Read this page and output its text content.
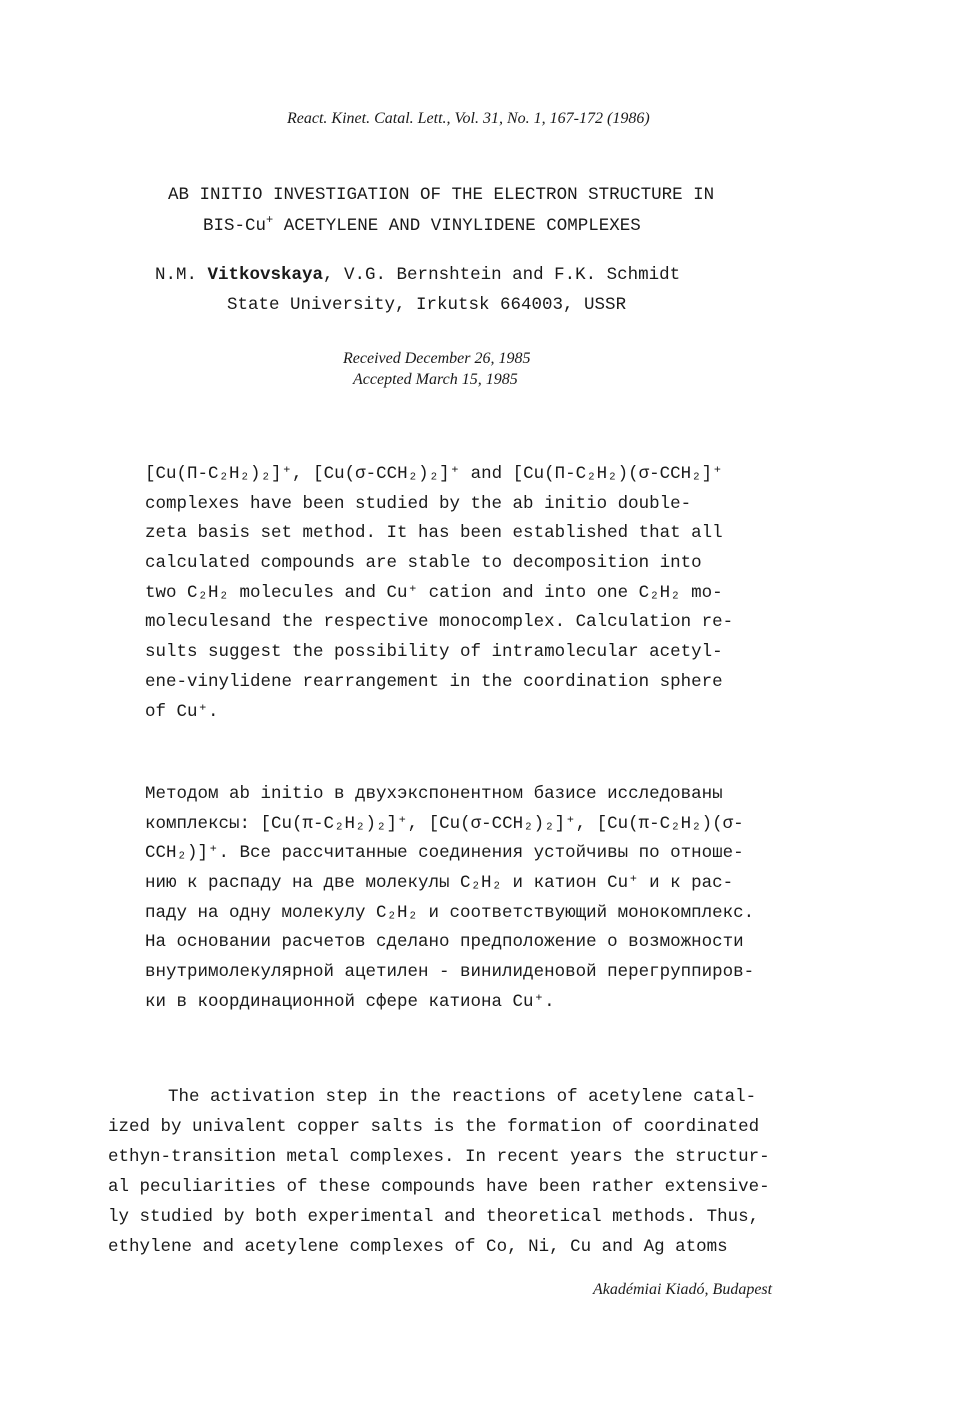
React. Kinet. Catal. Lett., Vol. 31, No. 1, 167-172 (1986)
AB INITIO INVESTIGATION OF THE ELECTRON STRUCTURE IN
BIS-Cu+ ACETYLENE AND VINYLIDENE COMPLEXES
N.M. Vitkovskaya, V.G. Bernshtein and F.K. Schmidt
State University, Irkutsk 664003, USSR
Received December 26, 1985
Accepted March 15, 1985
[Cu(Π-C₂H₂)₂]⁺, [Cu(σ-CCH₂)₂]⁺ and [Cu(Π-C₂H₂)(σ-CCH₂]⁺
complexes have been studied by the ab initio double-
zeta basis set method. It has been established that all
calculated compounds are stable to decomposition into
two C₂H₂ molecules and Cu⁺ cation and into one C₂H₂ mo-
moleculesand the respective monocomplex. Calculation re-
sults suggest the possibility of intramolecular acetyl-
ene-vinylidene rearrangement in the coordination sphere
of Cu⁺.
Методом ab initio в двухэкспонентном базисе исследованы
комплексы: [Cu(π-C₂H₂)₂]⁺, [Cu(σ-CCH₂)₂]⁺, [Cu(π-C₂H₂)(σ-
CCH₂)]⁺. Все рассчитанные соединения устойчивы по отноше-
нию к распаду на две молекулы C₂H₂ и катион Cu⁺ и к рас-
паду на одну молекулу C₂H₂ и соответствующий монокомплекс.
На основании расчетов сделано предположение о возможности
внутримолекулярной ацетилен - винилиденовой перегруппиров-
ки в координационной сфере катиона Cu⁺.
The activation step in the reactions of acetylene catal-
ized by univalent copper salts is the formation of coordinated
ethyn-transition metal complexes. In recent years the structur-
al peculiarities of these compounds have been rather extensive-
ly studied by both experimental and theoretical methods. Thus,
ethylene and acetylene complexes of Co, Ni, Cu and Ag atoms
Akadémiai Kiadó, Budapest
